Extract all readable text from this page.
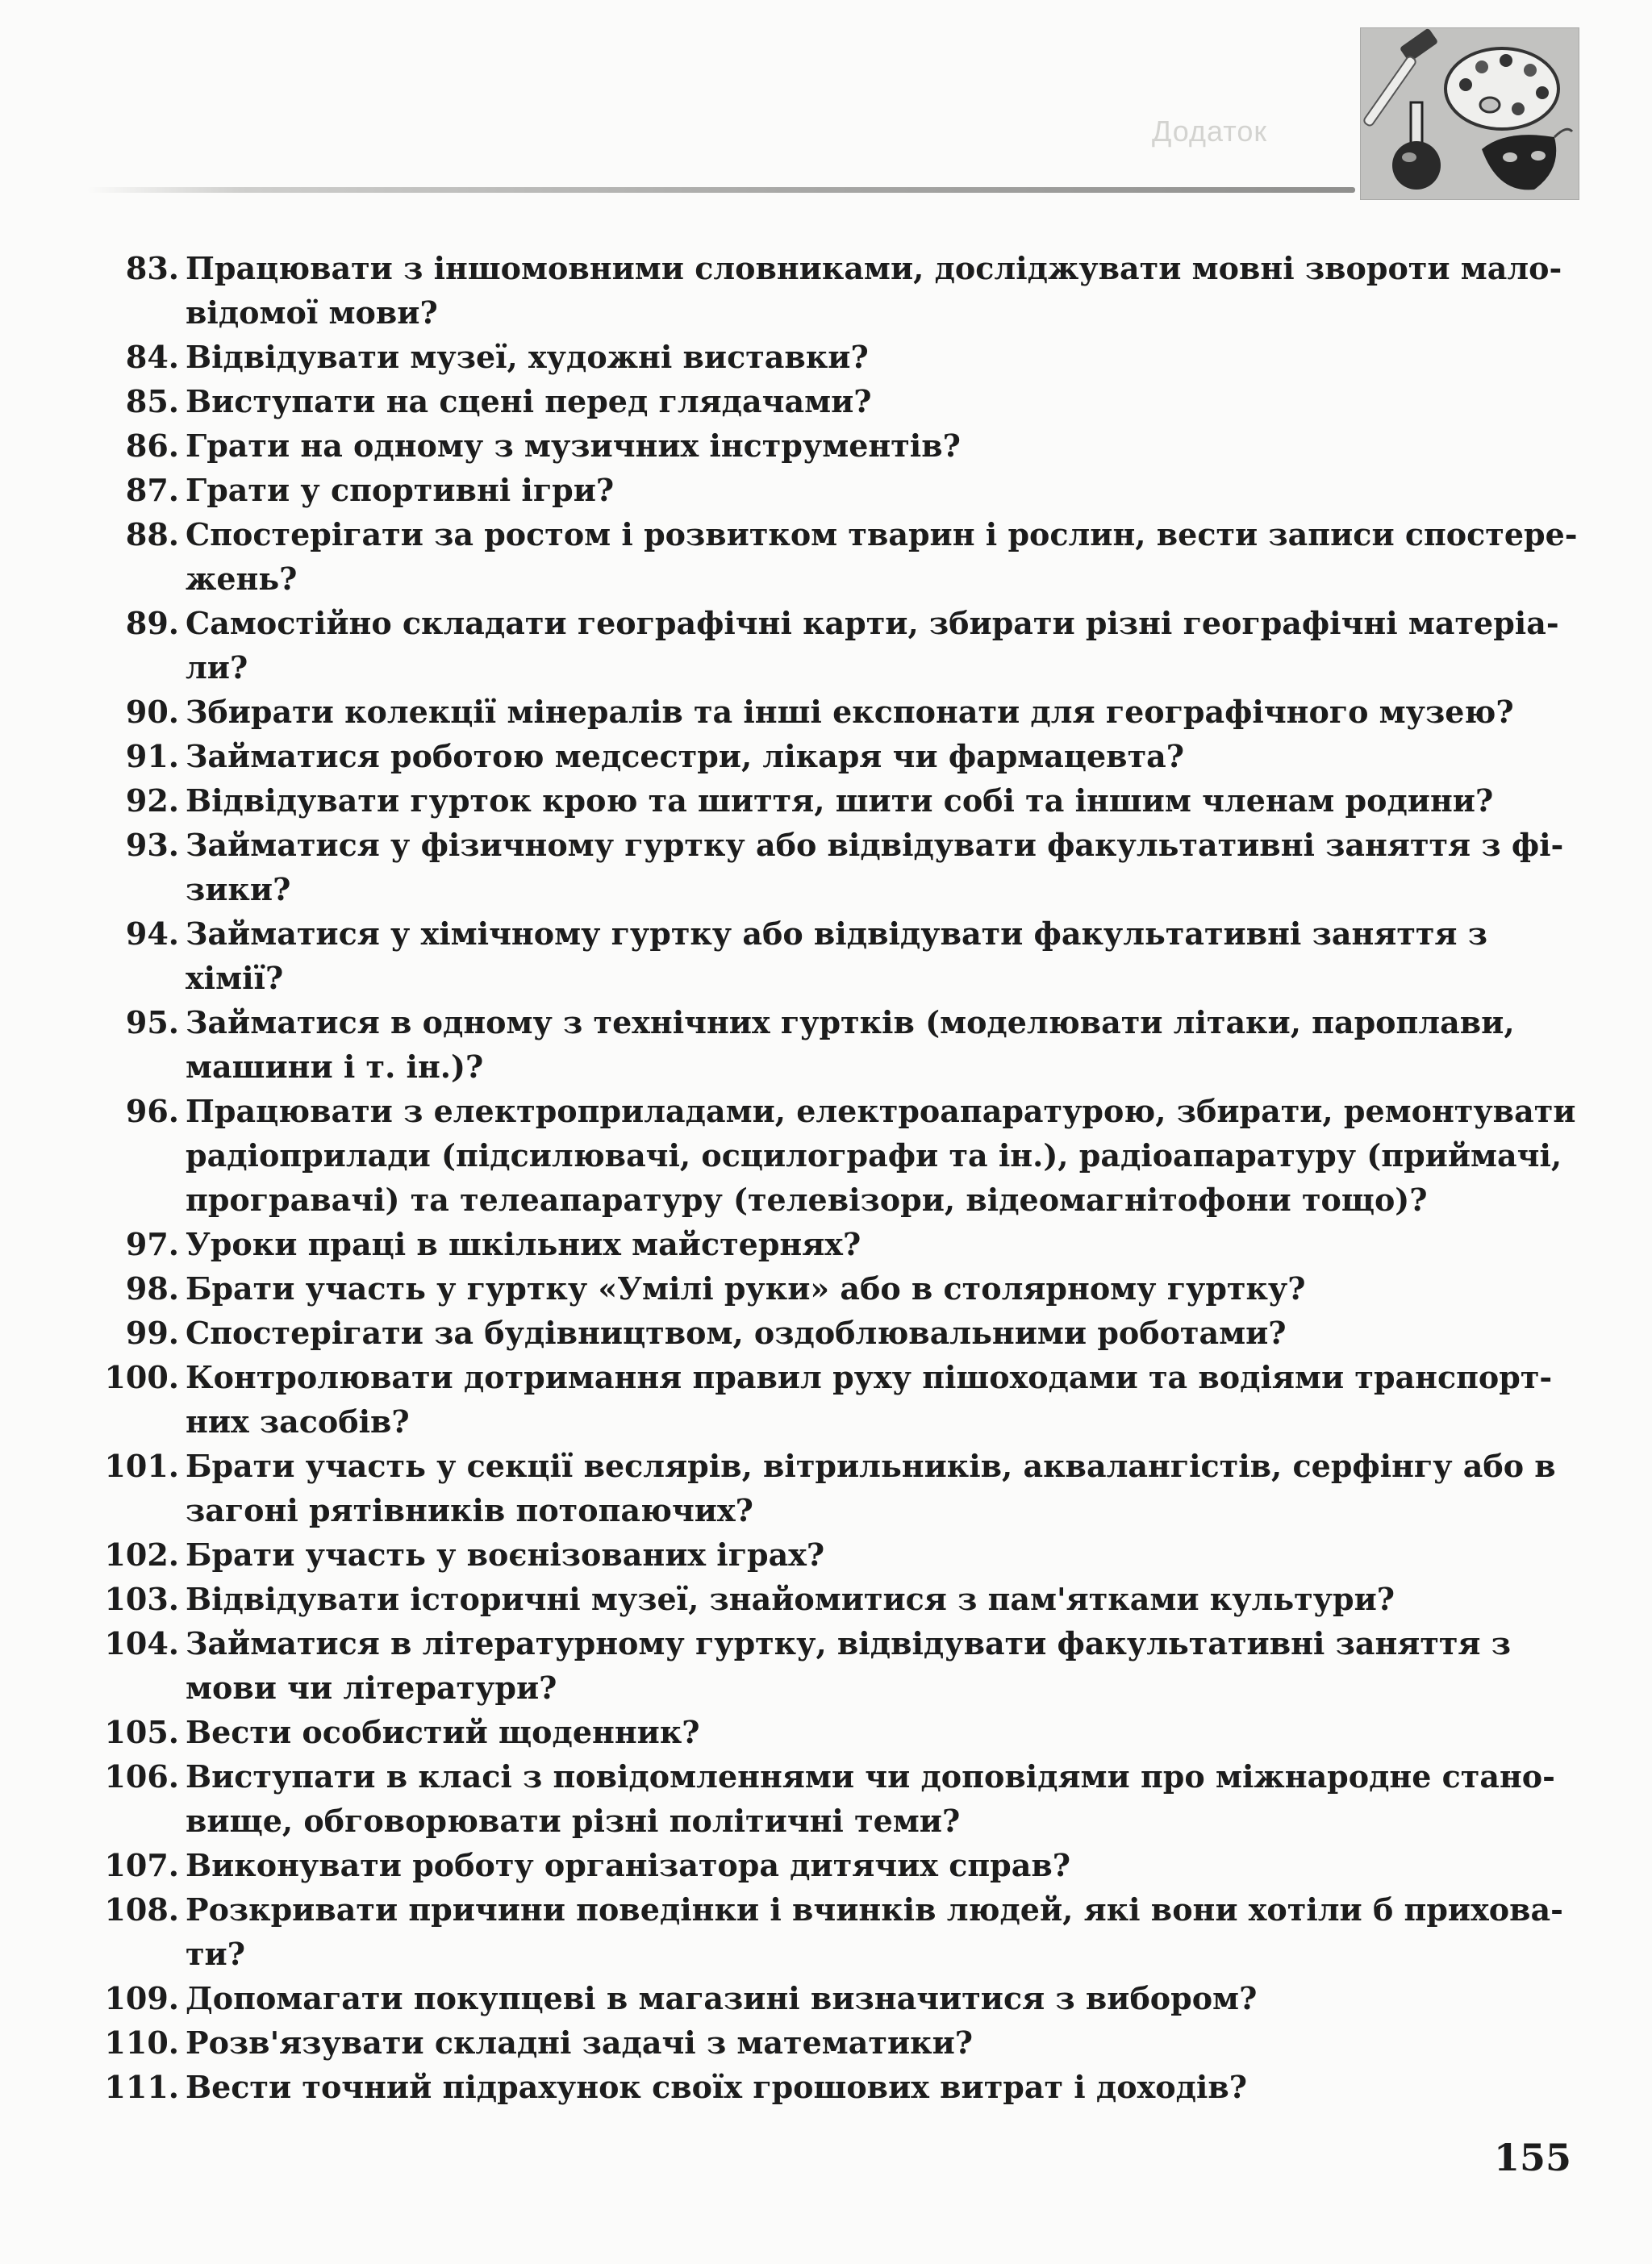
Додаток
83. Працювати з іншомовними словниками, досліджувати мовні звороти мало-
відомої мови?
84. Відвідувати музеї, художні виставки?
85. Виступати на сцені перед глядачами?
86. Грати на одному з музичних інструментів?
87. Грати у спортивні ігри?
88. Спостерігати за ростом і розвитком тварин і рослин, вести записи спостере-
жень?
89. Самостійно складати географічні карти, збирати різні географічні матеріа-
ли?
90. Збирати колекції мінералів та інші експонати для географічного музею?
91. Займатися роботою медсестри, лікаря чи фармацевта?
92. Відвідувати гурток крою та шиття, шити собі та іншим членам родини?
93. Займатися у фізичному гуртку або відвідувати факультативні заняття з фі-
зики?
94. Займатися у хімічному гуртку або відвідувати факультативні заняття з
хімії?
95. Займатися в одному з технічних гуртків (моделювати літаки, пароплави,
машини і т. ін.)?
96. Працювати з електроприладами, електроапаратурою, збирати, ремонтувати
радіоприлади (підсилювачі, осцилографи та ін.), радіоапаратуру (приймачі,
програвачі) та телеапаратуру (телевізори, відеомагнітофони тощо)?
97. Уроки праці в шкільних майстернях?
98. Брати участь у гуртку «Умілі руки» або в столярному гуртку?
99. Спостерігати за будівництвом, оздоблювальними роботами?
100. Контролювати дотримання правил руху пішоходами та водіями транспорт-
них засобів?
101. Брати участь у секції веслярів, вітрильників, аквалангістів, серфінгу або в
загоні рятівників потопаючих?
102. Брати участь у воєнізованих іграх?
103. Відвідувати історичні музеї, знайомитися з пам'ятками культури?
104. Займатися в літературному гуртку, відвідувати факультативні заняття з
мови чи літератури?
105. Вести особистий щоденник?
106. Виступати в класі з повідомленнями чи доповідями про міжнародне стано-
вище, обговорювати різні політичні теми?
107. Виконувати роботу організатора дитячих справ?
108. Розкривати причини поведінки і вчинків людей, які вони хотіли б прихова-
ти?
109. Допомагати покупцеві в магазині визначитися з вибором?
110. Розв'язувати складні задачі з математики?
111. Вести точний підрахунок своїх грошових витрат і доходів?
155
